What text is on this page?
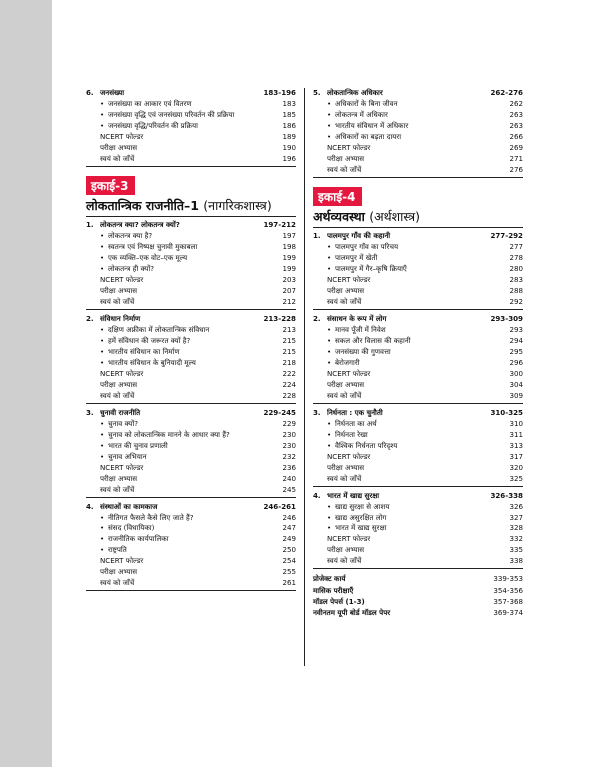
6. जनसंख्या	183-196
• जनसंख्या का आकार एवं वितरण	183
• जनसंख्या वृद्धि एवं जनसंख्या परिवर्तन की प्रक्रिया	185
• जनसंख्या वृद्धि/परिवर्तन की प्रक्रिया	186
NCERT फोल्डर	189
परीक्षा अभ्यास	190
स्वयं को जाँचें	196
इकाई-3
लोकतान्त्रिक राजनीति–1 (नागरिकशास्त्र)
1. लोकतन्त्र क्या? लोकतन्त्र क्यों?	197-212
• लोकतन्त्र क्या है?	197
• स्वतन्त्र एवं निष्पक्ष चुनावी मुकाबला	198
• एक व्यक्ति–एक वोट–एक मूल्य	199
• लोकतन्त्र ही क्यों?	199
NCERT फोल्डर	203
परीक्षा अभ्यास	207
स्वयं को जाँचें	212
2. संविधान निर्माण	213-228
• दक्षिण अफ्रीका में लोकतान्त्रिक संविधान	213
• हमें संविधान की जरूरत क्यों है?	215
• भारतीय संविधान का निर्माण	215
• भारतीय संविधान के बुनियादी मूल्य	218
NCERT फोल्डर	222
परीक्षा अभ्यास	224
स्वयं को जाँचें	228
3. चुनावी राजनीति	229-245
• चुनाव क्यों?	229
• चुनाव को लोकतान्त्रिक मानने के आधार क्या हैं?	230
• भारत की चुनाव प्रणाली	230
• चुनाव अभियान	232
NCERT फोल्डर	236
परीक्षा अभ्यास	240
स्वयं को जाँचें	245
4. संस्थाओं का कामकाज	246-261
• नीतिगत फैसले कैसे लिए जाते हैं?	246
• संसद (विधायिका)	247
• राजनीतिक कार्यपालिका	249
• राष्ट्रपति	250
NCERT फोल्डर	254
परीक्षा अभ्यास	255
स्वयं को जाँचें	261
5. लोकतान्त्रिक अधिकार	262-276
• अधिकारों के बिना जीवन	262
• लोकतन्त्र में अधिकार	263
• भारतीय संविधान में अधिकार	263
• अधिकारों का बढ़ता दायरा	266
NCERT फोल्डर	269
परीक्षा अभ्यास	271
स्वयं को जाँचें	276
इकाई-4
अर्थव्यवस्था (अर्थशास्त्र)
1. पालमपुर गाँव की कहानी	277-292
• पालमपुर गाँव का परिचय	277
• पालमपुर में खेती	278
• पालमपुर में गैर–कृषि क्रियाएँ	280
NCERT फोल्डर	283
परीक्षा अभ्यास	288
स्वयं को जाँचें	292
2. संसाधन के रूप में लोग	293-309
• मानव पूँजी में निवेश	293
• सकल और विलास की कहानी	294
• जनसंख्या की गुणवत्ता	295
• बेरोजगारी	296
NCERT फोल्डर	300
परीक्षा अभ्यास	304
स्वयं को जाँचें	309
3. निर्धनता : एक चुनौती	310-325
• निर्धनता का अर्थ	310
• निर्धनता रेखा	311
• वैश्विक निर्धनता परिदृश्य	313
NCERT फोल्डर	317
परीक्षा अभ्यास	320
स्वयं को जाँचें	325
4. भारत में खाद्य सुरक्षा	326-338
• खाद्य सुरक्षा से आशय	326
• खाद्य असुरक्षित लोग	327
• भारत में खाद्य सुरक्षा	328
NCERT फोल्डर	332
परीक्षा अभ्यास	335
स्वयं को जाँचें	338
प्रोजेक्ट कार्य	339-353
मासिक परीक्षाएँ	354-356
मॉडल पेपर्स (1-3)	357-368
नवीनतम यूपी बोर्ड मॉडल पेपर	369-374
